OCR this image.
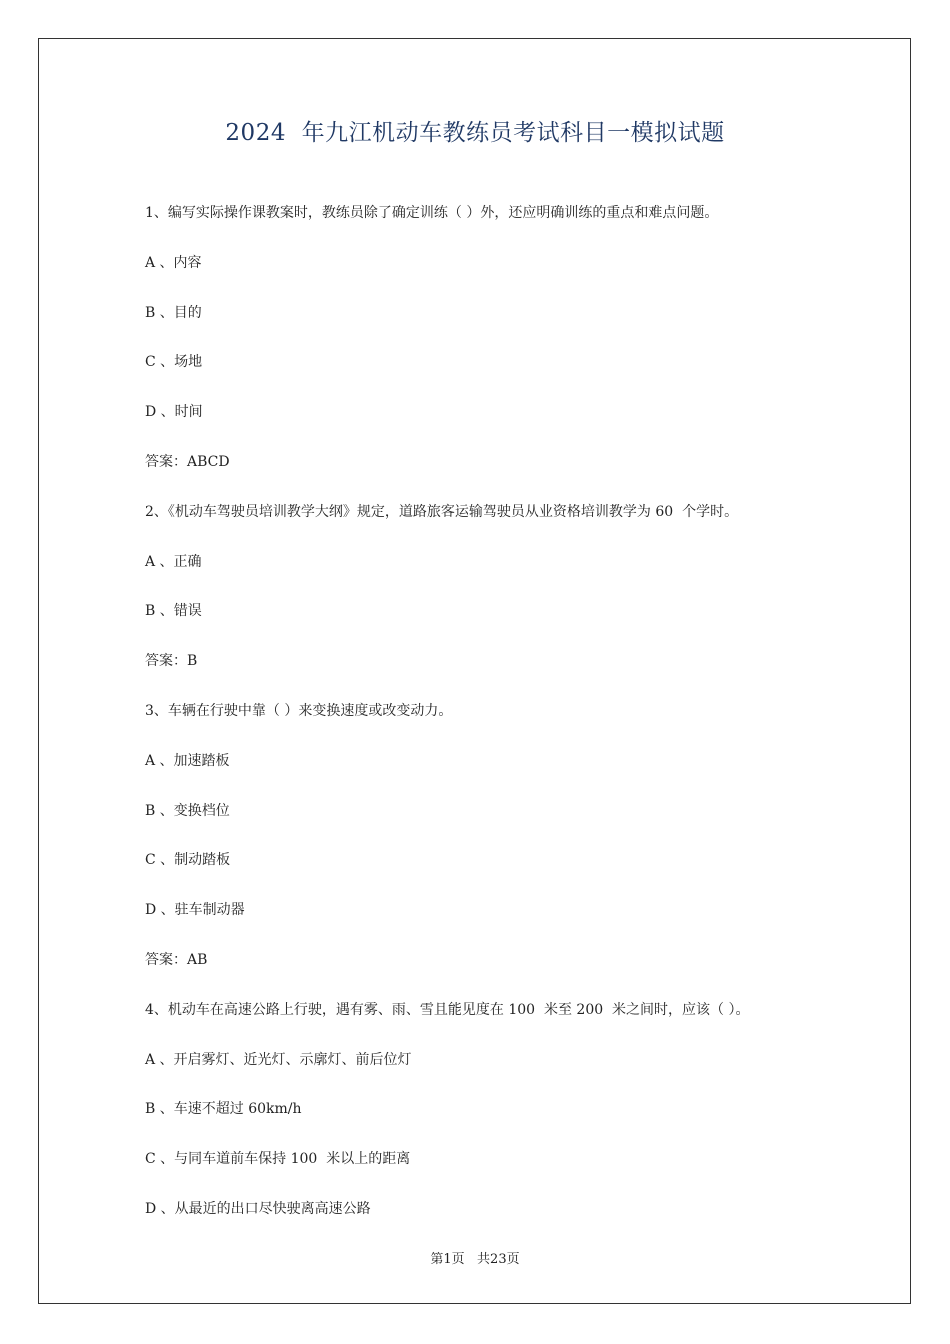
2024  年九江机动车教练员考试科目一模拟试题
1、编写实际操作课教案时，教练员除了确定训练（ ）外，还应明确训练的重点和难点问题。
A 、内容
B 、目的
C 、场地
D 、时间
答案：ABCD
2、《机动车驾驶员培训教学大纲》规定，道路旅客运输驾驶员从业资格培训教学为 60  个学时。
A 、正确
B 、错误
答案：B
3、车辆在行驶中靠（ ）来变换速度或改变动力。
A 、加速踏板
B 、变换档位
C 、制动踏板
D 、驻车制动器
答案：AB
4、机动车在高速公路上行驶，遇有雾、雨、雪且能见度在 100  米至 200  米之间时，应该（ ）。
A 、开启雾灯、近光灯、示廓灯、前后位灯
B 、车速不超过 60km/h
C 、与同车道前车保持 100  米以上的距离
D 、从最近的出口尽快驶离高速公路
第1页   共23页
